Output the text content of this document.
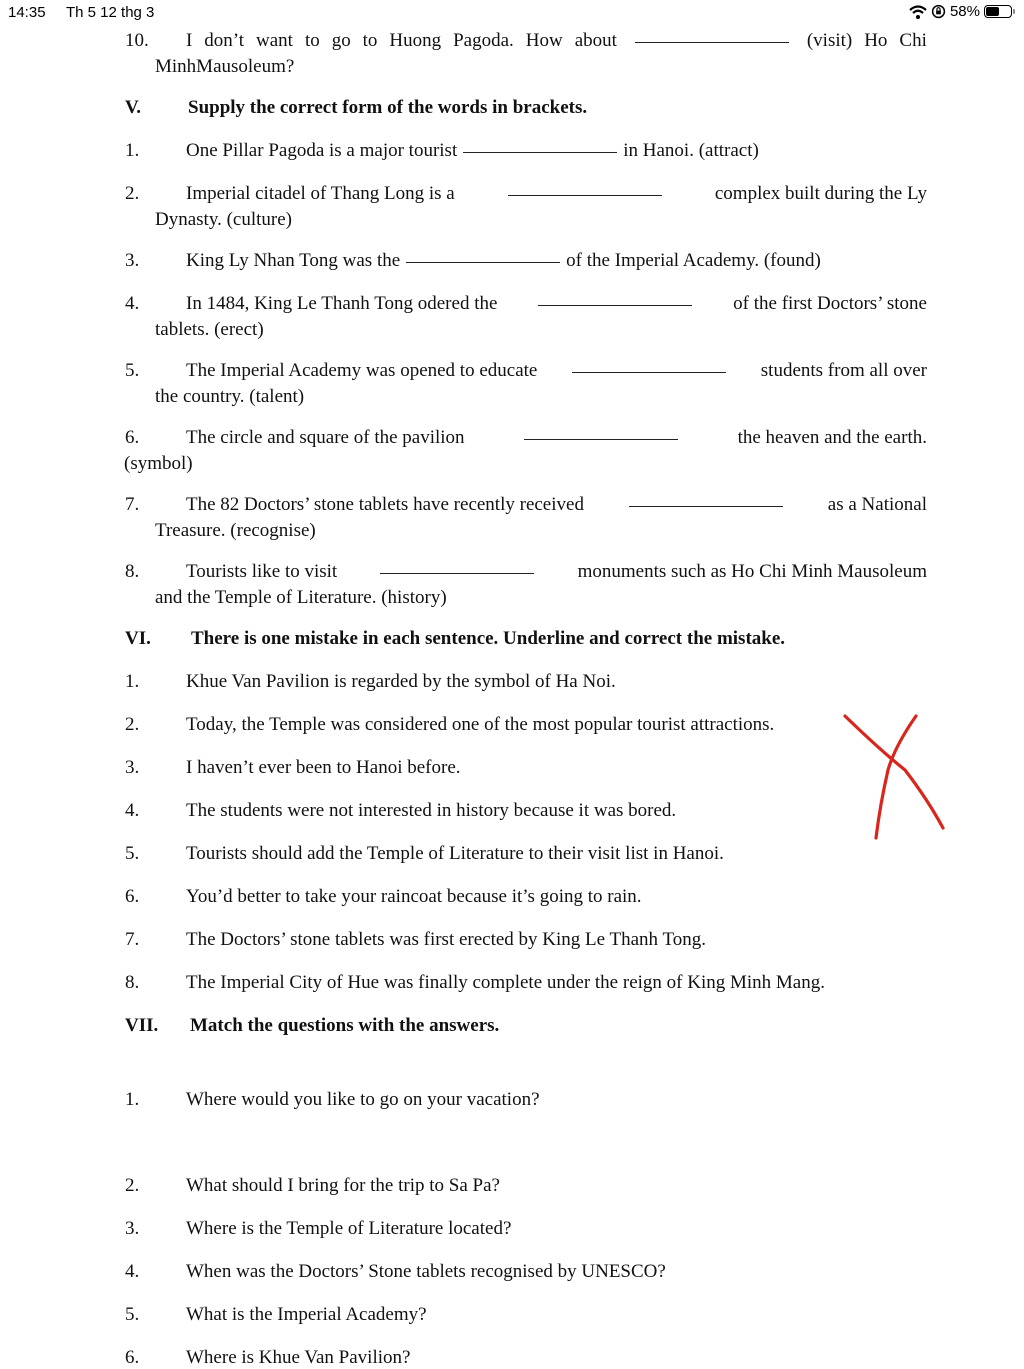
14:35 Th 5 12 thg 3	58%
10. I don’t want to go to Huong Pagoda. How about	(visit) Ho Chi
MinhMausoleum?
V. Supply the correct form of the words in brackets.
1. One Pillar Pagoda is a major tourist	in Hanoi. (attract)
2. Imperial citadel of Thang Long is a	complex built during the Ly
Dynasty. (culture)
3. King Ly Nhan Tong was the	of the Imperial Academy. (found)
4. In 1484, King Le Thanh Tong odered the	of the first Doctors’ stone
tablets. (erect)
5. The Imperial Academy was opened to educate	students from all over
the country. (talent)
6. The circle and square of the pavilion	the heaven and the earth.
(symbol)
7. The 82 Doctors’ stone tablets have recently received	as a National
Treasure. (recognise)
8. Tourists like to visit	monuments such as Ho Chi Minh Mausoleum
and the Temple of Literature. (history)
VI. There is one mistake in each sentence. Underline and correct the mistake.
1. Khue Van Pavilion is regarded by the symbol of Ha Noi.
2. Today, the Temple was considered one of the most popular tourist attractions.
3. I haven’t ever been to Hanoi before.
4. The students were not interested in history because it was bored.
5. Tourists should add the Temple of Literature to their visit list in Hanoi.
6. You’d better to take your raincoat because it’s going to rain.
7. The Doctors’ stone tablets was first erected by King Le Thanh Tong.
8. The Imperial City of Hue was finally complete under the reign of King Minh Mang.
VII. Match the questions with the answers.
1. Where would you like to go on your vacation?
2. What should I bring for the trip to Sa Pa?
3. Where is the Temple of Literature located?
4. When was the Doctors’ Stone tablets recognised by UNESCO?
5. What is the Imperial Academy?
6. Where is Khue Van Pavilion?
